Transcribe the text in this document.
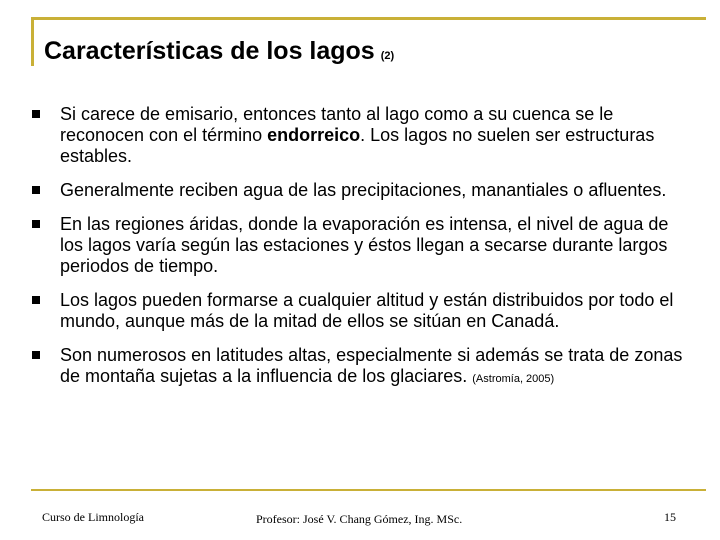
Características de los lagos (2)
Si carece de emisario, entonces tanto al lago como a su cuenca se le reconocen con el término endorreico. Los lagos no suelen ser estructuras estables.
Generalmente reciben agua de las precipitaciones, manantiales o afluentes.
En las regiones áridas, donde la evaporación es intensa, el nivel de agua de los lagos varía según las estaciones y éstos llegan a secarse durante largos periodos de tiempo.
Los lagos pueden formarse a cualquier altitud y están distribuidos por todo el mundo, aunque más de la mitad de ellos se sitúan en Canadá.
Son numerosos en latitudes altas, especialmente si además se trata de zonas de montaña sujetas a la influencia de los glaciares. (Astromía, 2005)
Curso de Limnología	Profesor: José V. Chang Gómez, Ing. MSc.	15
